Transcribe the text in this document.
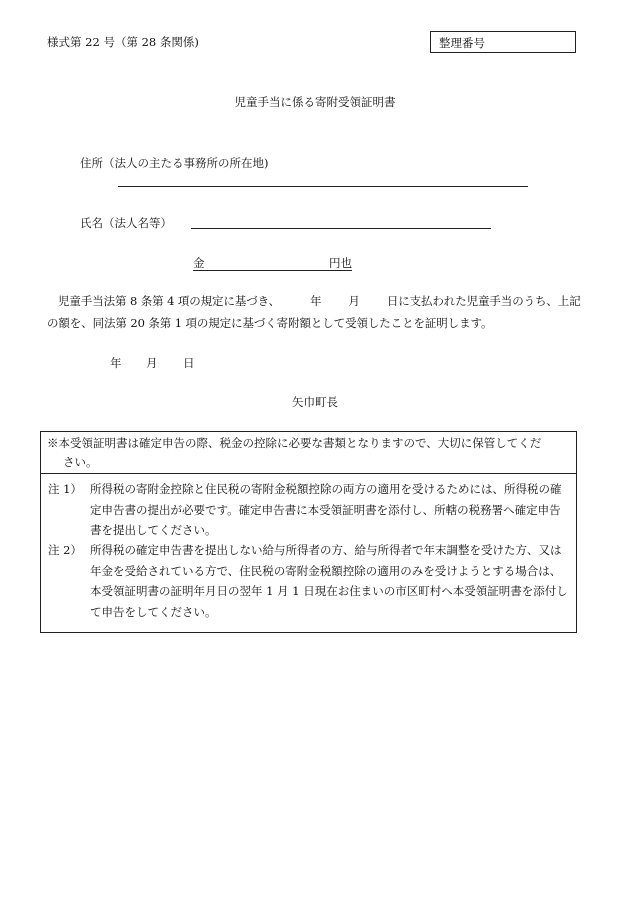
様式第 22 号（第 28 条関係)	整理番号
児童手当に係る寄附受領証明書
住所（法人の主たる事務所の所在地)
氏名（法人名等）
金	円也
児童手当法第 8 条第 4 項の規定に基づき、	年 月 日に支払われた児童手当のうち、上記の額を、同法第 20 条第 1 項の規定に基づく寄附額として受領したことを証明します。
年 月 日
矢巾町長
※本受領証明書は確定申告の際、税金の控除に必要な書類となりますので、大切に保管してくだ
さい。
注 1） 所得税の寄附金控除と住民税の寄附金税額控除の両方の適用を受けるためには、所得税の確定申告書の提出が必要です。確定申告書に本受領証明書を添付し、所轄の税務署へ確定申告書を提出してください。
注 2） 所得税の確定申告書を提出しない給与所得者の方、給与所得者で年末調整を受けた方、又は年金を受給されている方で、住民税の寄附金税額控除の適用のみを受けようとする場合は、本受領証明書の証明年月日の翌年 1 月 1 日現在お住まいの市区町村へ本受領証明書を添付して申告をしてください。
